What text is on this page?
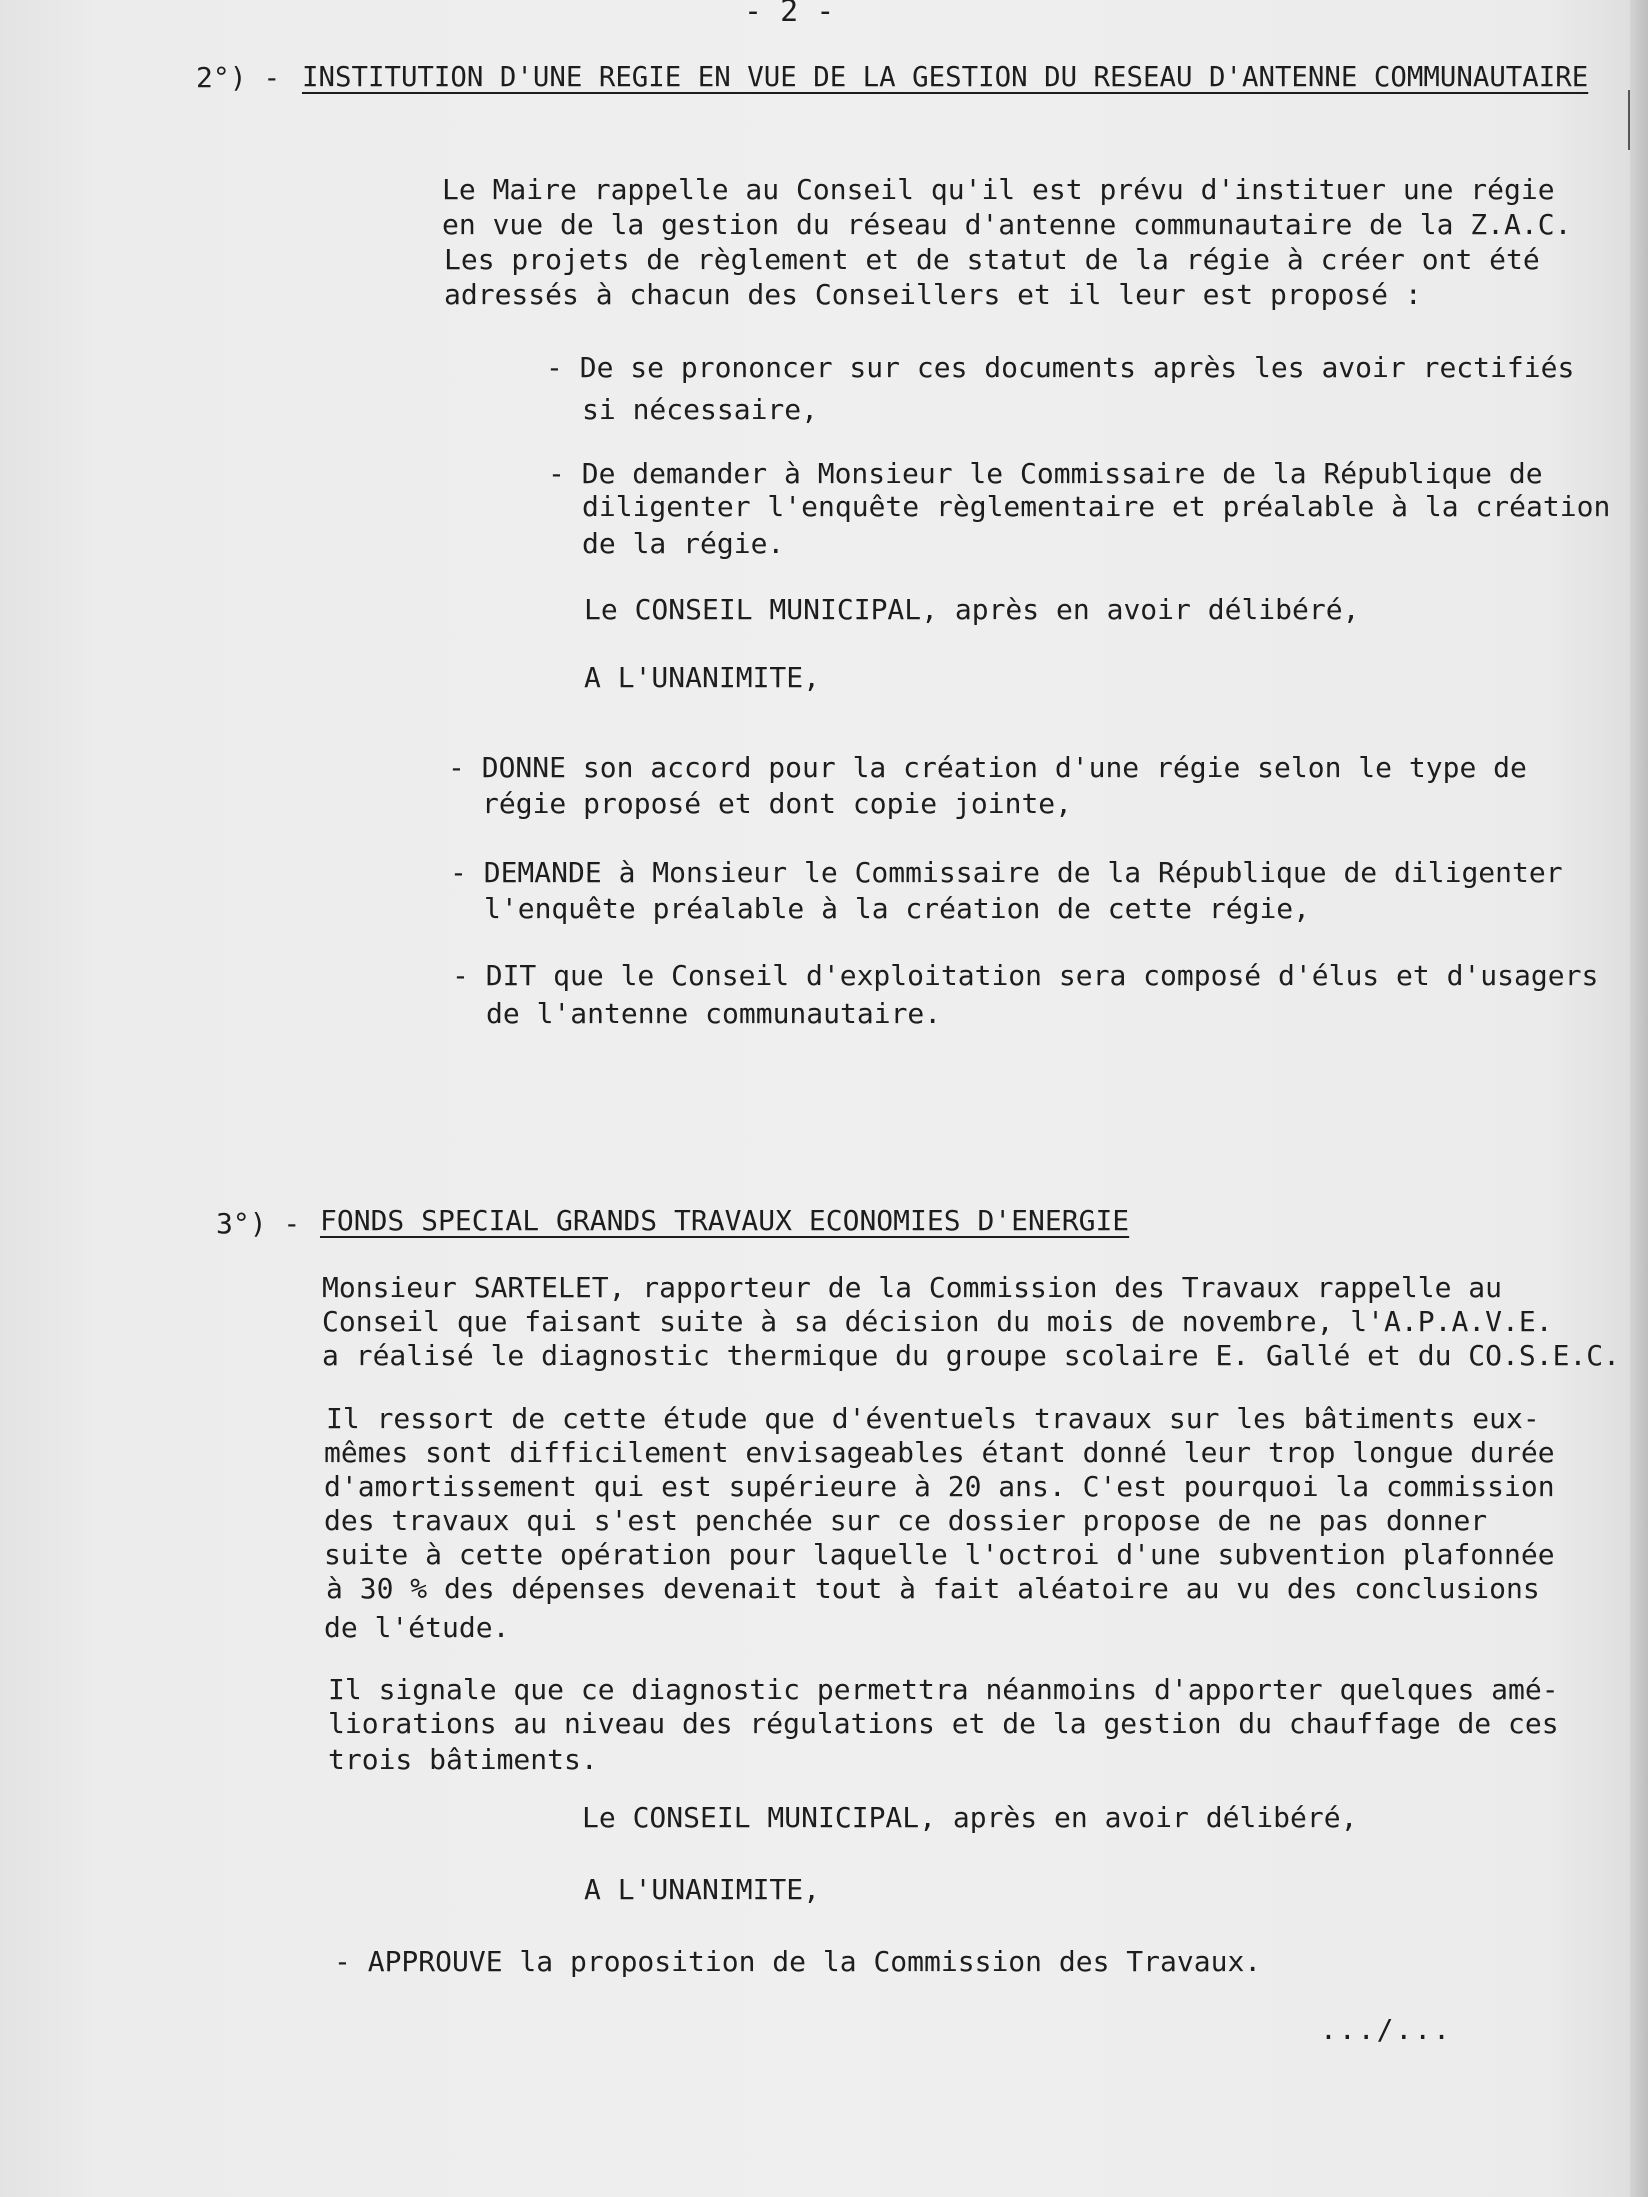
- 2 -
2°) - INSTITUTION D'UNE REGIE EN VUE DE LA GESTION DU RESEAU D'ANTENNE COMMUNAUTAIRE
Le Maire rappelle au Conseil qu'il est prévu d'instituer une régie
en vue de la gestion du réseau d'antenne communautaire de la Z.A.C.
Les projets de règlement et de statut de la régie à créer ont été
adressés à chacun des Conseillers et il leur est proposé :
- De se prononcer sur ces documents après les avoir rectifiés
si nécessaire,
- De demander à Monsieur le Commissaire de la République de
diligenter l'enquête règlementaire et préalable à la création
de la régie.
Le CONSEIL MUNICIPAL, après en avoir délibéré,
A L'UNANIMITE,
- DONNE son accord pour la création d'une régie selon le type de
régie proposé et dont copie jointe,
- DEMANDE à Monsieur le Commissaire de la République de diligenter
l'enquête préalable à la création de cette régie,
- DIT que le Conseil d'exploitation sera composé d'élus et d'usagers
de l'antenne communautaire.
3°) - FONDS SPECIAL GRANDS TRAVAUX ECONOMIES D'ENERGIE
Monsieur SARTELET, rapporteur de la Commission des Travaux rappelle au
Conseil que faisant suite à sa décision du mois de novembre, l'A.P.A.V.E.
a réalisé le diagnostic thermique du groupe scolaire E. Gallé et du CO.S.E.C.
Il ressort de cette étude que d'éventuels travaux sur les bâtiments eux-
mêmes sont difficilement envisageables étant donné leur trop longue durée
d'amortissement qui est supérieure à 20 ans. C'est pourquoi la commission
des travaux qui s'est penchée sur ce dossier propose de ne pas donner
suite à cette opération pour laquelle l'octroi d'une subvention plafonnée
à 30 % des dépenses devenait tout à fait aléatoire au vu des conclusions
de l'étude.
Il signale que ce diagnostic permettra néanmoins d'apporter quelques amé-
liorations au niveau des régulations et de la gestion du chauffage de ces
trois bâtiments.
Le CONSEIL MUNICIPAL, après en avoir délibéré,
A L'UNANIMITE,
- APPROUVE la proposition de la Commission des Travaux.
.../...
